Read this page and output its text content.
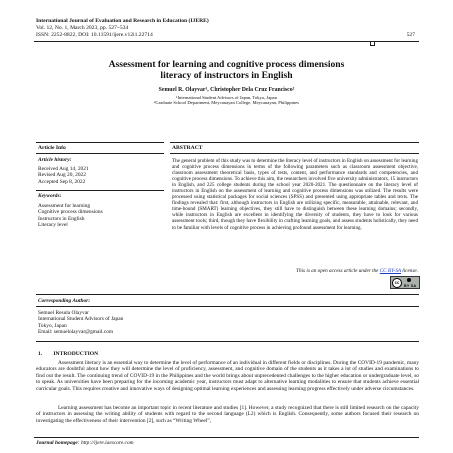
International Journal of Evaluation and Research in Education (IJERE)
Vol. 12, No. 1, March 2023, pp. 527~534
ISSN: 2252-8822, DOI: 10.11591/ijere.v12i1.22714	527
Assessment for learning and cognitive process dimensions
literacy of instructors in English
Semuel R. Olayvar¹, Christopher Dela Cruz Francisco²
¹International Student Advisors of Japan, Tokyo, Japan
²Graduate School Department, Meycauayan College, Meycauayan, Philippines
Article Info	ABSTRACT
Article history:
Received Aug 14, 2021
Revised Aug 20, 2022
Accepted Sep 8, 2022
Keywords:
Assessment for learning
Cognitive process dimensions
Instructors in English
Literacy level
The general problem of this study was to determine the literacy level of instructors in English on assessment for learning and cognitive process dimensions in terms of the following parameters such as classroom assessment objective, classroom assessment theoretical basis, types of tests, content, and performance standards and competencies, and cognitive process dimensions. To achieve this aim, the researchers involved five university administrators, 15 instructors in English, and 225 college students during the school year 2020-2021. The questionnaire on the literacy level of instructors in English on the assessment of learning and cognitive process dimensions was utilized. The results were processed using statistical packages for social sciences (SPSS) and presented using appropriate tables and texts. The findings revealed that: first, although instructors in English are utilizing specific, measurable, attainable, relevant, and time-bound (SMART) learning objectives, they still have to distinguish between these learning domains; secondly, while instructors in English are excellent in identifying the diversity of students, they have to look for various assessment tools; third, though they have flexibility in crafting learning goals, and assess students holistically, they need to be familiar with levels of cognitive process in achieving profound assessment for learning.
This is an open access article under the CC BY-SA license.
cc
BY SA
Corresponding Author:
Semuel Resula Olayvar
International Student Advisors of Japan
Tokyo, Japan
Email: semuelolayvar@gmail.com
1.  INTRODUCTION
Assessment literacy is an essential way to determine the level of performance of an individual in different fields or disciplines. During the COVID-19 pandemic, many educators are doubtful about how they will determine the level of proficiency, assessment, and cognitive domain of the students as it takes a lot of studies and examinations to find out the result. The continuing trend of COVID-19 in the Philippines and the world brings about unprecedented challenges to the higher education or undergraduate level, so to speak. As universities have been preparing for the incoming academic year, instructors must adapt to alternative learning modalities to ensure that students achieve essential curricular goals. This requires creative and innovative ways of designing optimal learning experiences and assessing learning progress effectively under adverse circumstances.
Learning assessment has become an important topic in recent literature and studies [1]. However, a study recognized that there is still limited research on the capacity of instructors in assessing the writing ability of students with regard to the second language (L2) which is English. Consequently, some authors focused their research on investigating the effectiveness of their intervention [2], such as “Writing Wheel”,
Journal homepage: http://ijere.iaescore.com
